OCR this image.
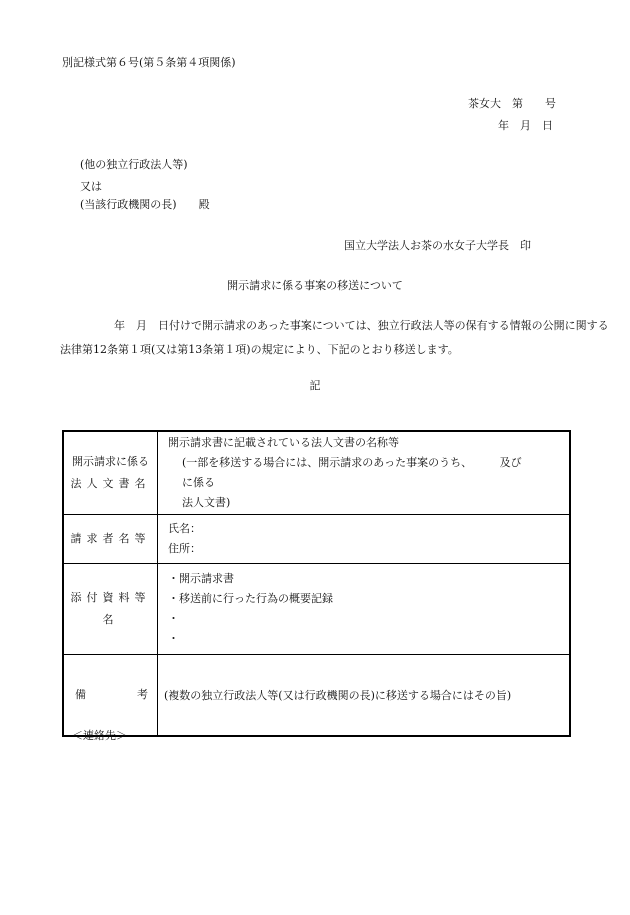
別記様式第６号(第５条第４項関係)
茶女大　第　　号
年　月　日
(他の独立行政法人等)
又は
(当該行政機関の長)　　殿
国立大学法人お茶の水女子大学長　印
開示請求に係る事案の移送について
年　月　日付けで開示請求のあった事案については、独立行政法人等の保有する情報の公開に関する
法律第12条第１項(又は第13条第１項)の規定により、下記のとおり移送します。
記
開示請求に係る
法人文書名	開示請求書に記載されている法人文書の名称等
(一部を移送する場合には、開示請求のあった事案のうち、　　　及び　　　に係る
法人文書)

請求者名等	氏名：
住所：

添付資料等名	・開示請求書
・移送前に行った行為の概要記録
・
・

備 考	(複数の独立行政法人等(又は行政機関の長)に移送する場合にはその旨)
＜連絡先＞
